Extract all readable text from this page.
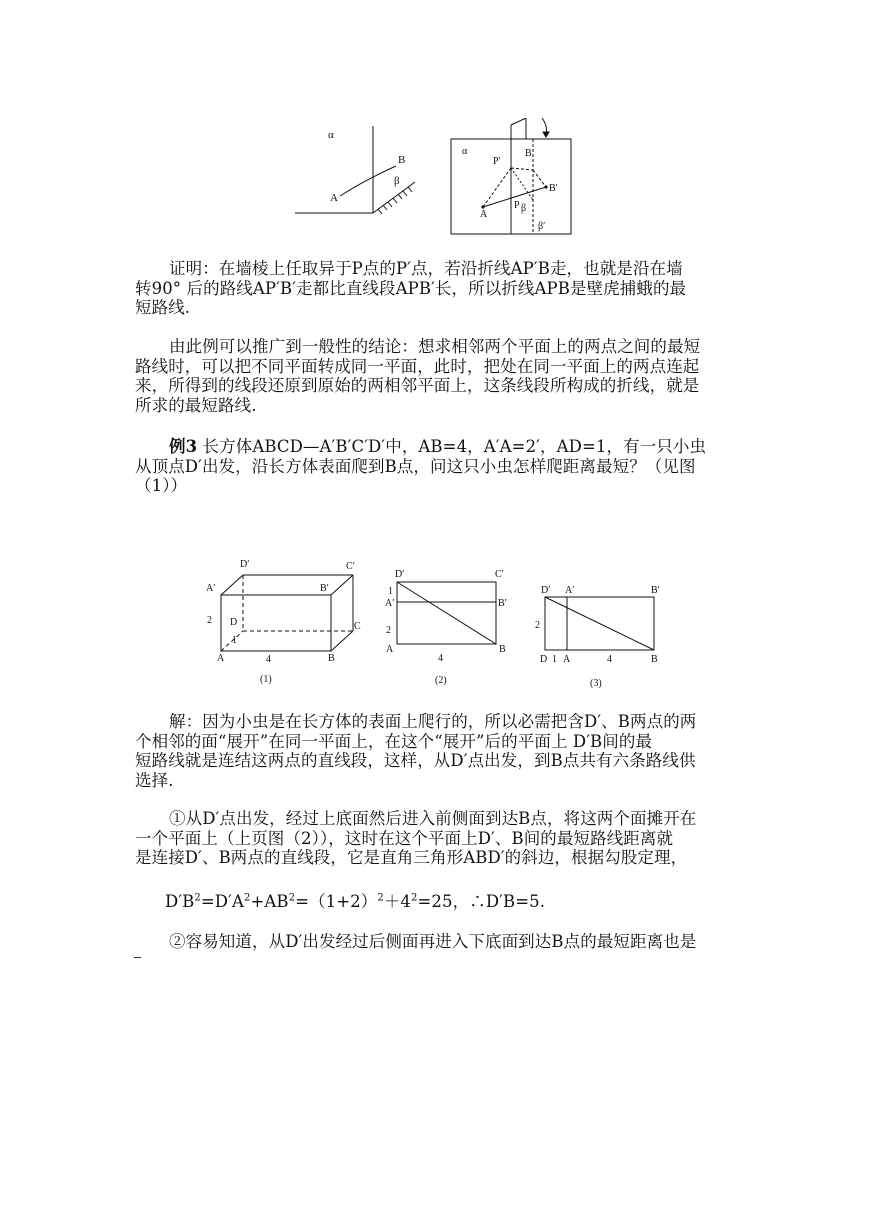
α
A
B
β
α
P′
B
B′
A
P β
β′
证明：在墙棱上任取异于P点的P′点，若沿折线AP′B走，也就是沿在墙
转90° 后的路线AP′B′走都比直线段APB′长，所以折线APB是壁虎捕蛾的最
短路线.
由此例可以推广到一般性的结论：想求相邻两个平面上的两点之间的最短
路线时，可以把不同平面转成同一平面，此时，把处在同一平面上的两点连起
来，所得到的线段还原到原始的两相邻平面上，这条线段所构成的折线，就是
所求的最短路线.
例3 长方体ABCD—A′B′C′D′中，AB=4，A′A=2′，AD=1，有一只小虫
从顶点D′出发，沿长方体表面爬到B点，问这只小虫怎样爬距离最短？（见图
（1））
D′	C′
A′	B′
2 D	C
1
A	B
4
(1)
D′	C′
1
A′	B′
2
A	B
4
(2)
D′ A′	B′
2
D 1 A	4	B
(3)
解：因为小虫是在长方体的表面上爬行的，所以必需把含D′、B两点的两
个相邻的面“展开”在同一平面上，在这个“展开”后的平面上 D′B间的最
短路线就是连结这两点的直线段，这样，从D′点出发，到B点共有六条路线供
选择.
①从D′点出发，经过上底面然后进入前侧面到达B点，将这两个面摊开在
一个平面上（上页图（2）），这时在这个平面上D′、B间的最短路线距离就
是连接D′、B两点的直线段，它是直角三角形ABD′的斜边，根据勾股定理，
$D'B^2=D'A^2+AB^2=(1+2)^2+4^2=25$，∴D′B=5.
②容易知道，从D′出发经过后侧面再进入下底面到达B点的最短距离也是
